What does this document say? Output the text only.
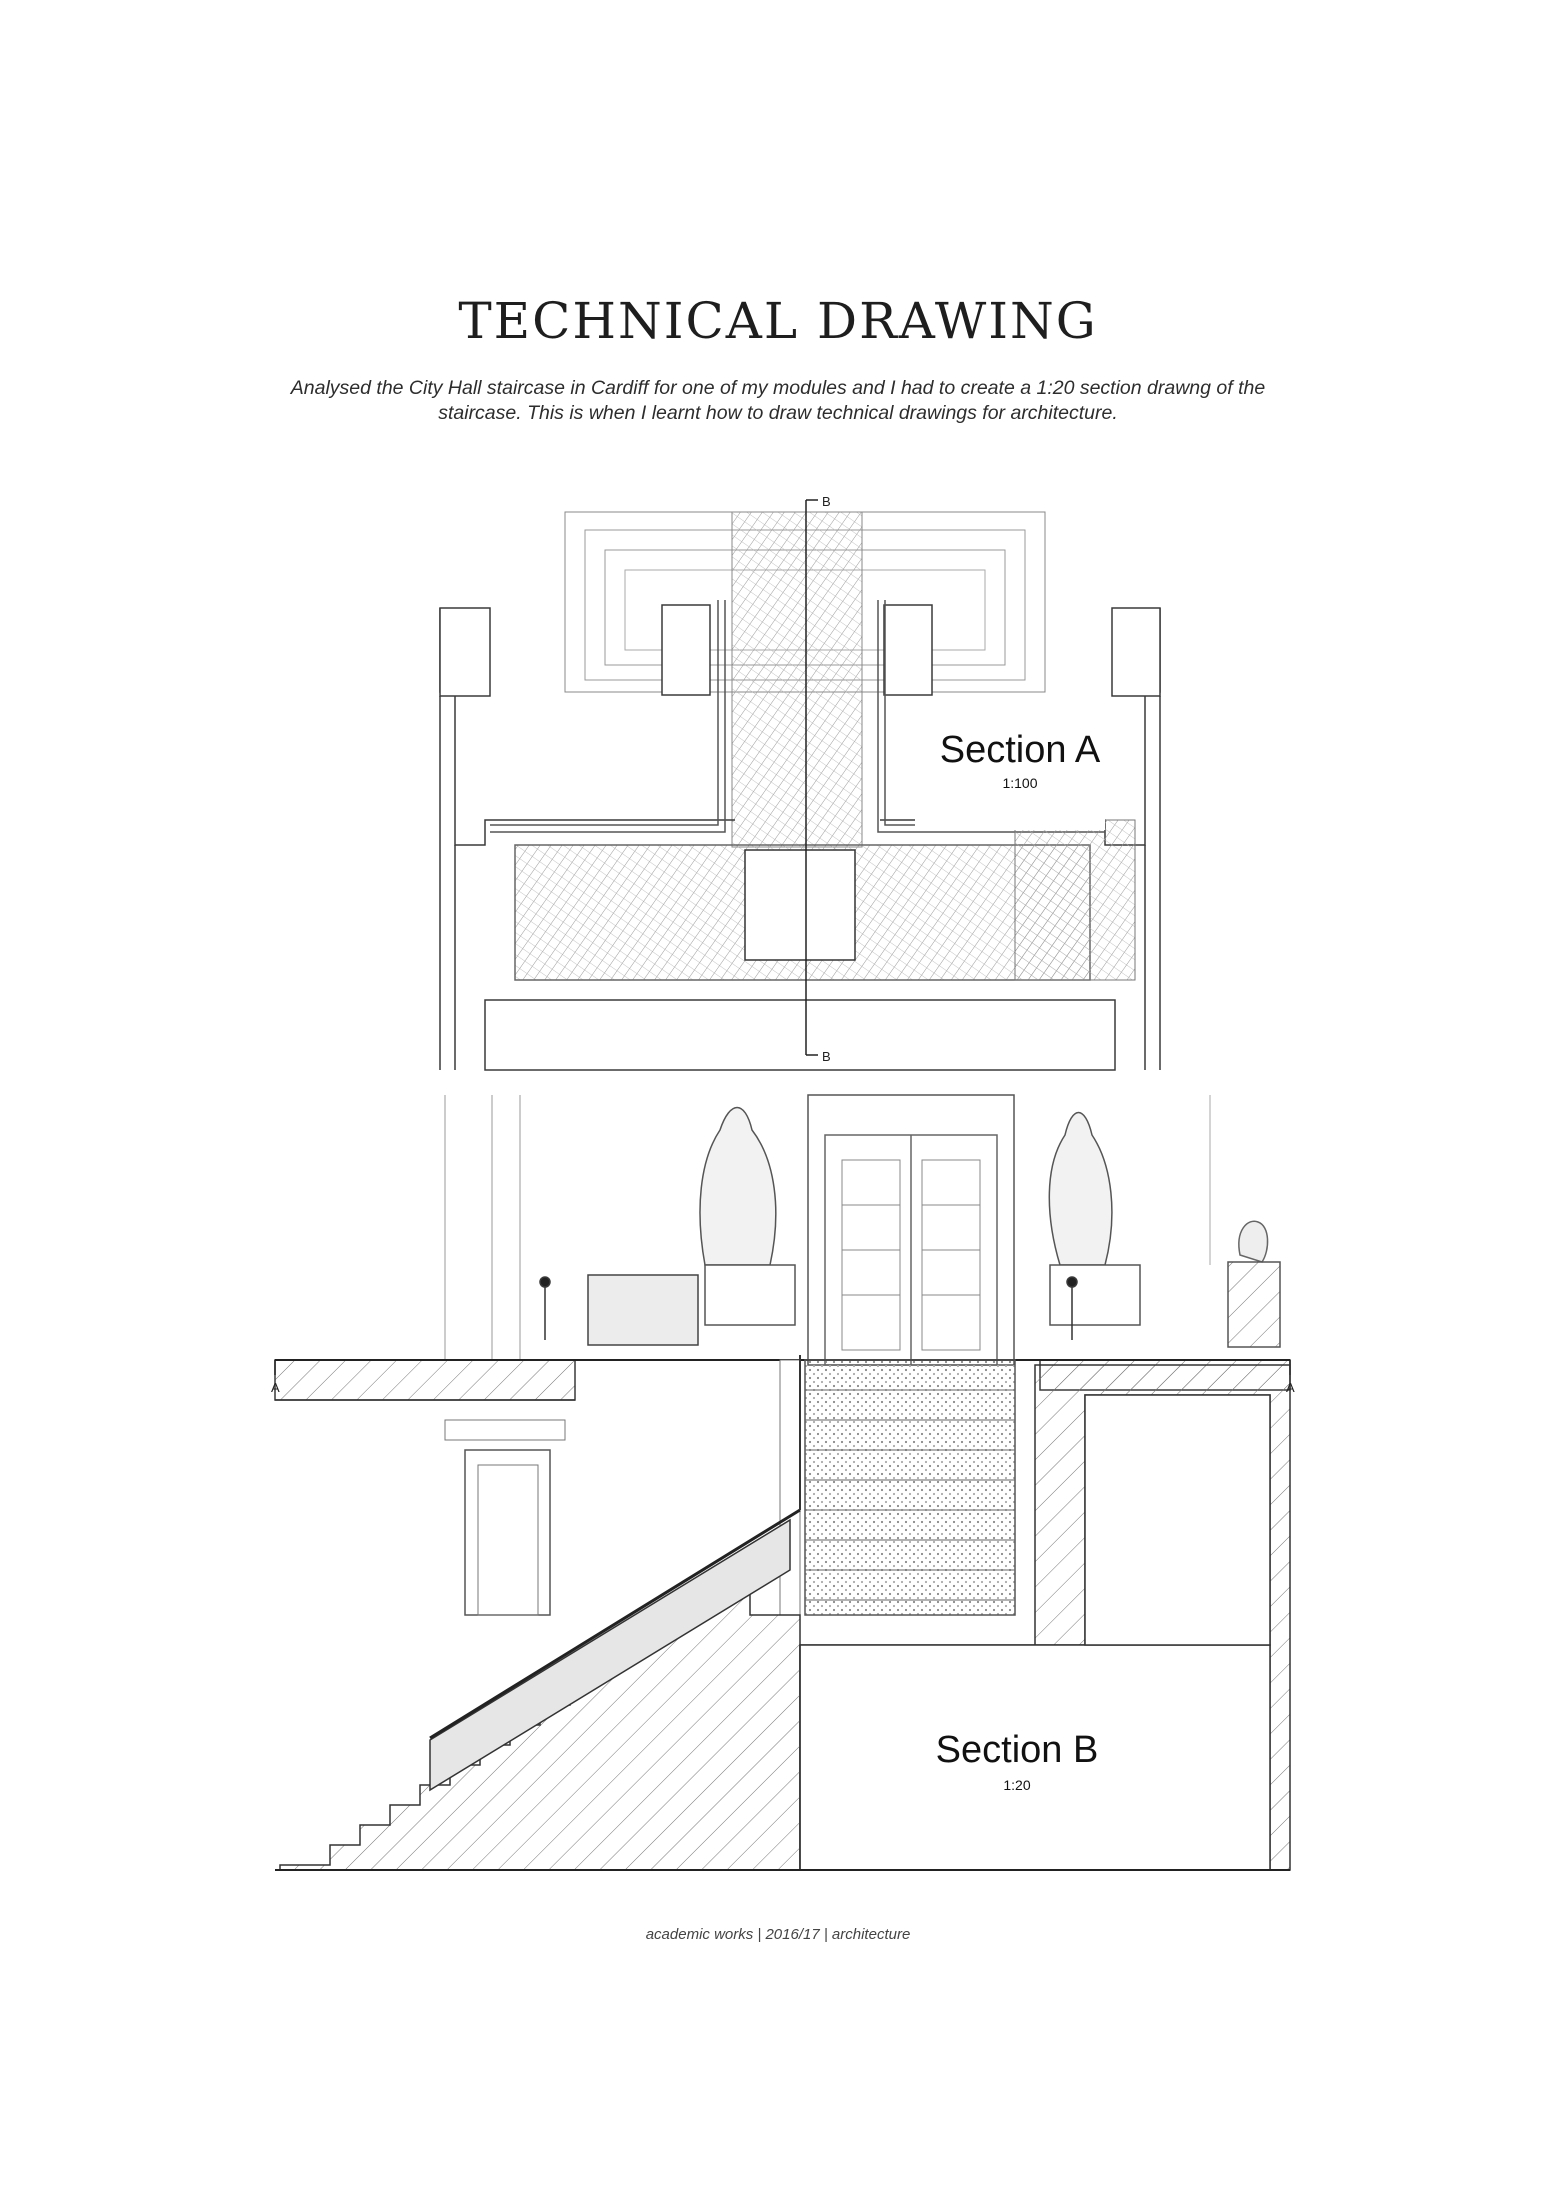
TECHNICAL DRAWING

Analysed the City Hall staircase in Cardiff for one of my modules and I had to create a 1:20 section drawng of the
staircase. This is when I learnt how to draw technical drawings for architecture.

B
B
Section A
1:100
A	A
Section B
1:20

academic works | 2016/17 | architecture
